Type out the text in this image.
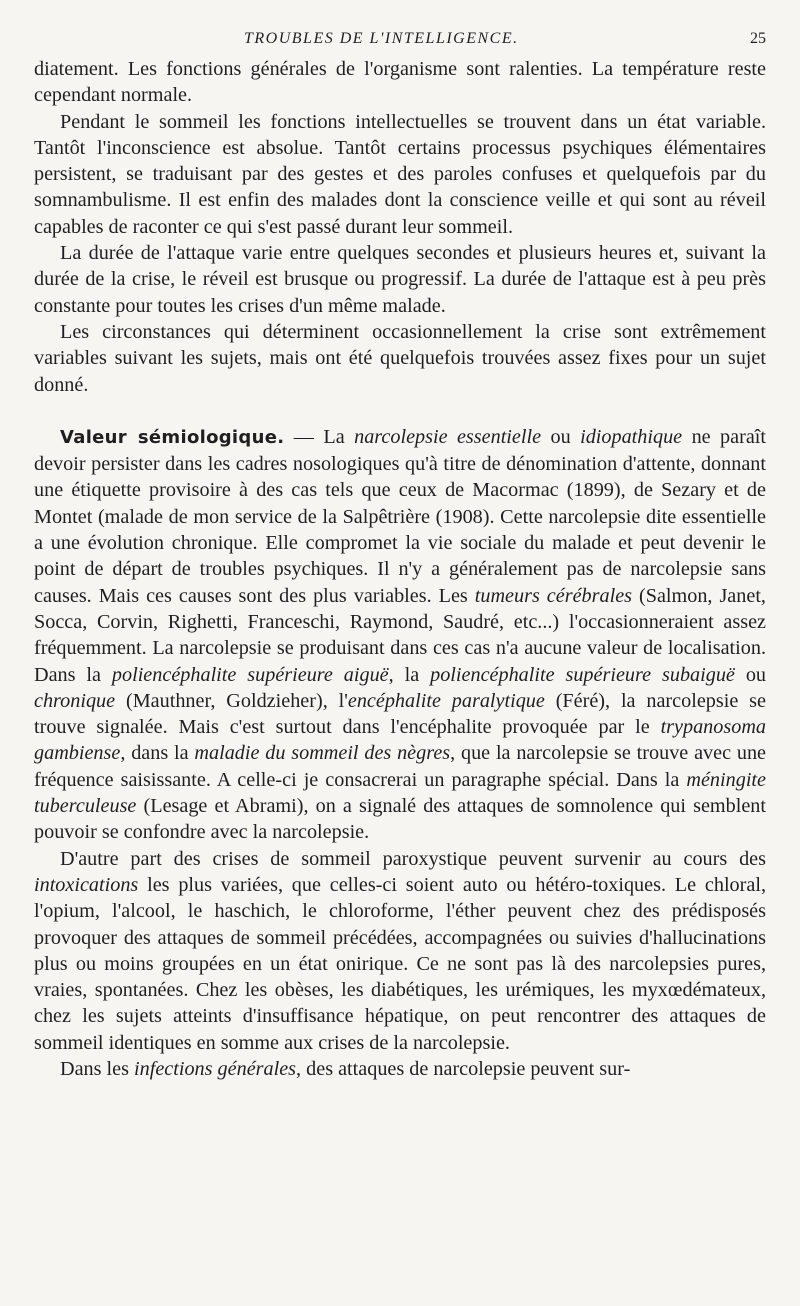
TROUBLES DE L'INTELLIGENCE.	25

diatement. Les fonctions générales de l'organisme sont ralenties. La température reste cependant normale.

Pendant le sommeil les fonctions intellectuelles se trouvent dans un état variable. Tantôt l'inconscience est absolue. Tantôt certains processus psychiques élémentaires persistent, se traduisant par des gestes et des paroles confuses et quelquefois par du somnambulisme. Il est enfin des malades dont la conscience veille et qui sont au réveil capables de raconter ce qui s'est passé durant leur sommeil.

La durée de l'attaque varie entre quelques secondes et plusieurs heures et, suivant la durée de la crise, le réveil est brusque ou progressif. La durée de l'attaque est à peu près constante pour toutes les crises d'un même malade.

Les circonstances qui déterminent occasionnellement la crise sont extrêmement variables suivant les sujets, mais ont été quelquefois trouvées assez fixes pour un sujet donné.

Valeur sémiologique. — La narcolepsie essentielle ou idiopathique ne paraît devoir persister dans les cadres nosologiques qu'à titre de dénomination d'attente, donnant une étiquette provisoire à des cas tels que ceux de Macormac (1899), de Sezary et de Montet (malade de mon service de la Salpêtrière (1908). Cette narcolepsie dite essentielle a une évolution chronique. Elle compromet la vie sociale du malade et peut devenir le point de départ de troubles psychiques. Il n'y a généralement pas de narcolepsie sans causes. Mais ces causes sont des plus variables. Les tumeurs cérébrales (Salmon, Janet, Socca, Corvin, Righetti, Franceschi, Raymond, Saudré, etc...) l'occasionneraient assez fréquemment. La narcolepsie se produisant dans ces cas n'a aucune valeur de localisation. Dans la poliencéphalite supérieure aiguë, la poliencéphalite supérieure subaiguë ou chronique (Mauthner, Goldzieher), l'encéphalite paralytique (Féré), la narcolepsie se trouve signalée. Mais c'est surtout dans l'encéphalite provoquée par le trypanosoma gambiense, dans la maladie du sommeil des nègres, que la narcolepsie se trouve avec une fréquence saisissante. A celle-ci je consacrerai un paragraphe spécial. Dans la méningite tuberculeuse (Lesage et Abrami), on a signalé des attaques de somnolence qui semblent pouvoir se confondre avec la narcolepsie.

D'autre part des crises de sommeil paroxystique peuvent survenir au cours des intoxications les plus variées, que celles-ci soient auto ou hétéro-toxiques. Le chloral, l'opium, l'alcool, le haschich, le chloroforme, l'éther peuvent chez des prédisposés provoquer des attaques de sommeil précédées, accompagnées ou suivies d'hallucinations plus ou moins groupées en un état onirique. Ce ne sont pas là des narcolepsies pures, vraies, spontanées. Chez les obèses, les diabétiques, les urémiques, les myxœdémateux, chez les sujets atteints d'insuffisance hépatique, on peut rencontrer des attaques de sommeil identiques en somme aux crises de la narcolepsie.

Dans les infections générales, des attaques de narcolepsie peuvent sur-
